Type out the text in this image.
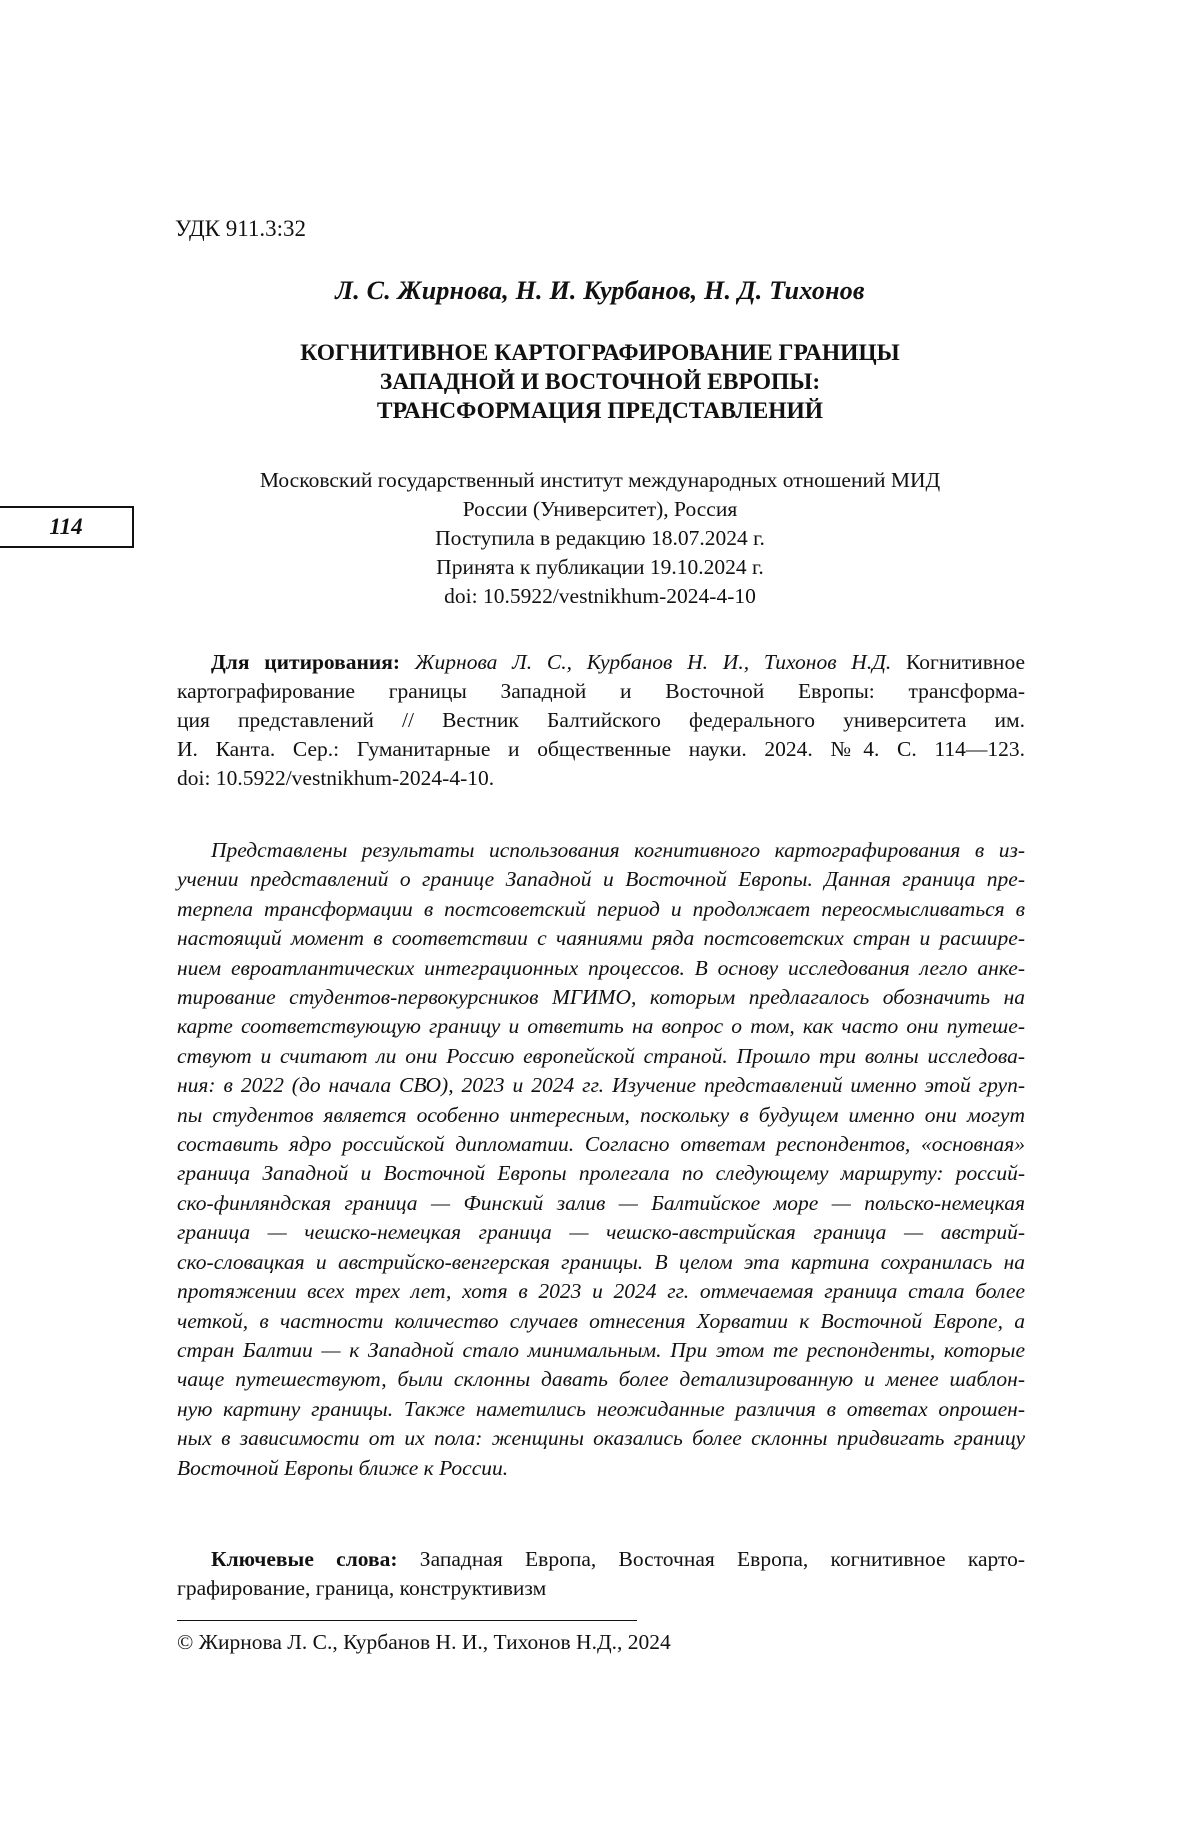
УДК 911.3:32
Л. С. Жирнова, Н. И. Курбанов, Н. Д. Тихонов
КОГНИТИВНОЕ КАРТОГРАФИРОВАНИЕ ГРАНИЦЫ
ЗАПАДНОЙ И ВОСТОЧНОЙ ЕВРОПЫ:
ТРАНСФОРМАЦИЯ ПРЕДСТАВЛЕНИЙ
Московский государственный институт международных отношений МИД
России (Университет), Россия
Поступила в редакцию 18.07.2024 г.
Принята к публикации 19.10.2024 г.
doi: 10.5922/vestnikhum-2024-4-10
114

Для цитирования: Жирнова Л. С., Курбанов Н. И., Тихонов Н.Д. Когнитивное

картографирование границы Западной и Восточной Европы: трансформа-

ция представлений // Вестник Балтийского федерального университета им.

И. Канта. Сер.: Гуманитарные и общественные науки. 2024. №4. С. 114—123.

doi: 10.5922/vestnikhum-2024-4-10.

Представлены результаты использования когнитивного картографирования в из-

учении представлений о границе Западной и Восточной Европы. Данная граница пре-

терпела трансформации в постсоветский период и продолжает переосмысливаться в

настоящий момент в соответствии с чаяниями ряда постсоветских стран и расшире-

нием евроатлантических интеграционных процессов. В основу исследования легло анке-

тирование студентов-первокурсников МГИМО, которым предлагалось обозначить на

карте соответствующую границу и ответить на вопрос о том, как часто они путеше-

ствуют и считают ли они Россию европейской страной. Прошло три волны исследова-

ния: в 2022 (до начала СВО), 2023 и 2024 гг. Изучение представлений именно этой груп-

пы студентов является особенно интересным, поскольку в будущем именно они могут

составить ядро российской дипломатии. Согласно ответам респондентов, «основная»

граница Западной и Восточной Европы пролегала по следующему маршруту: россий-

ско-финляндская граница — Финский залив — Балтийское море — польско-немецкая

граница — чешско-немецкая граница — чешско-австрийская граница — австрий-

ско-словацкая и австрийско-венгерская границы. В целом эта картина сохранилась на

протяжении всех трех лет, хотя в 2023 и 2024 гг. отмечаемая граница стала более

четкой, в частности количество случаев отнесения Хорватии к Восточной Европе, а

стран Балтии — к Западной стало минимальным. При этом те респонденты, которые

чаще путешествуют, были склонны давать более детализированную и менее шаблон-

ную картину границы. Также наметились неожиданные различия в ответах опрошен-

ных в зависимости от их пола: женщины оказались более склонны придвигать границу

Восточной Европы ближе к России.

Ключевые слова: Западная Европа, Восточная Европа, когнитивное карто-

графирование, граница, конструктивизм

© Жирнова Л. С., Курбанов Н. И., Тихонов Н.Д., 2024
